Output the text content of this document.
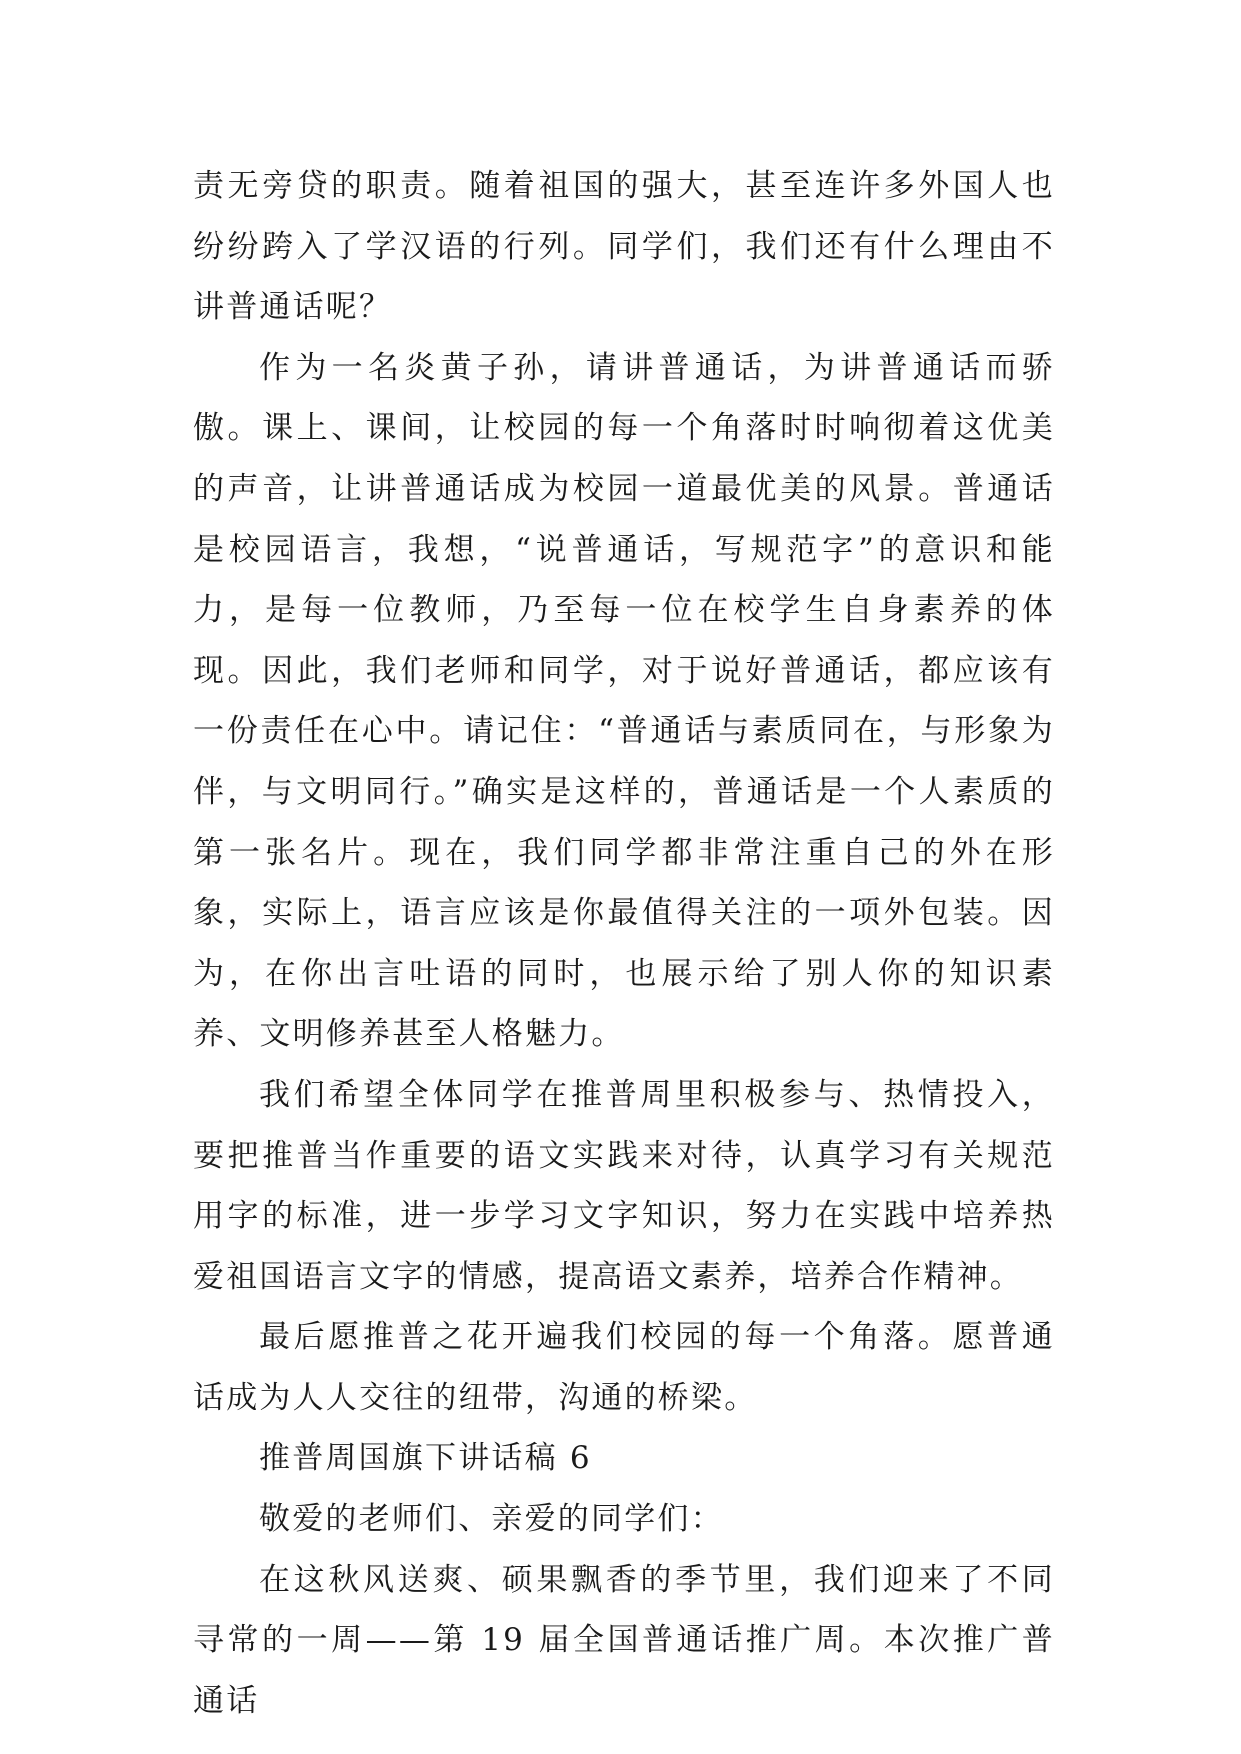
责无旁贷的职责。随着祖国的强大，甚至连许多外国人也纷纷跨入了学汉语的行列。同学们，我们还有什么理由不讲普通话呢？

作为一名炎黄子孙，请讲普通话，为讲普通话而骄傲。课上、课间，让校园的每一个角落时时响彻着这优美的声音，让讲普通话成为校园一道最优美的风景。普通话是校园语言，我想，“说普通话，写规范字”的意识和能力，是每一位教师，乃至每一位在校学生自身素养的体现。因此，我们老师和同学，对于说好普通话，都应该有一份责任在心中。请记住：“普通话与素质同在，与形象为伴，与文明同行。”确实是这样的，普通话是一个人素质的第一张名片。现在，我们同学都非常注重自己的外在形象，实际上，语言应该是你最值得关注的一项外包装。因为，在你出言吐语的同时，也展示给了别人你的知识素养、文明修养甚至人格魅力。

我们希望全体同学在推普周里积极参与、热情投入，要把推普当作重要的语文实践来对待，认真学习有关规范用字的标准，进一步学习文字知识，努力在实践中培养热爱祖国语言文字的情感，提高语文素养，培养合作精神。

最后愿推普之花开遍我们校园的每一个角落。愿普通话成为人人交往的纽带，沟通的桥梁。

推普周国旗下讲话稿 6

敬爱的老师们、亲爱的同学们：

在这秋风送爽、硕果飘香的季节里，我们迎来了不同寻常的一周——第 19 届全国普通话推广周。本次推广普通话
